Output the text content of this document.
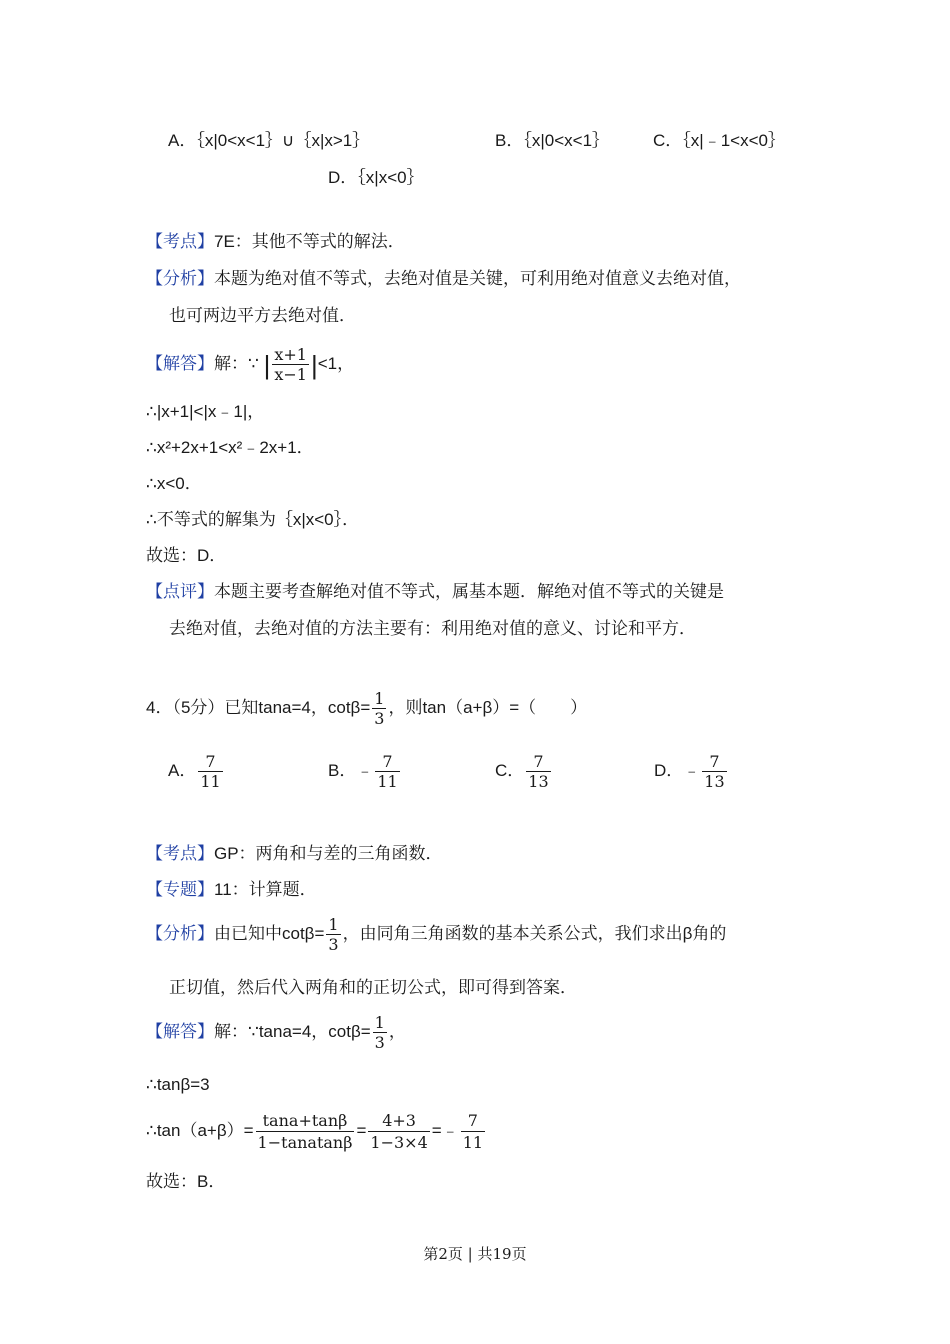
A．｛x|0<x<1｝∪｛x|x>1｝	B．｛x|0<x<1｝	C．｛x|﹣1<x<0｝
D．｛x|x<0｝
【考点】7E：其他不等式的解法．
【分析】本题为绝对值不等式，去绝对值是关键，可利用绝对值意义去绝对值，
也可两边平方去绝对值．
【解答】解：∵ | $\frac{x+1}{x-1} |<1$，
∴|x+1|<|x﹣1|，
∴x²+2x+1<x²﹣2x+1．
∴x<0．
∴不等式的解集为｛x|x<0｝．
故选：D．
【点评】本题主要考查解绝对值不等式，属基本题．解绝对值不等式的关键是
去绝对值，去绝对值的方法主要有：利用绝对值的意义、讨论和平方．
4．（5分）已知tana=4，$\cot\beta= \frac{1}{3}$ ，则tan（a+β）=（　　）
A． $\frac{7}{11}$	B．﹣ $\frac{7}{11}$	C． $\frac{7}{13}$	D．﹣ $\frac{7}{13}$
【考点】GP：两角和与差的三角函数．
【专题】11：计算题．
【分析】由已知中$\cot\beta= \frac{1}{3}$ ，由同角三角函数的基本关系公式，我们求出β角的
正切值，然后代入两角和的正切公式，即可得到答案．
【解答】解：∵tana=4，$\cot\beta= \frac{1}{3}$ ，
∴tanβ=3
∴tan（a+β）= $\frac{\tan a+\tan\beta}{\text{1−tanatanβ}} = \frac{4+3}{1-3\times 4}$ =﹣ $\frac{7}{11}$
故选：B．
第2页 | 共19页
